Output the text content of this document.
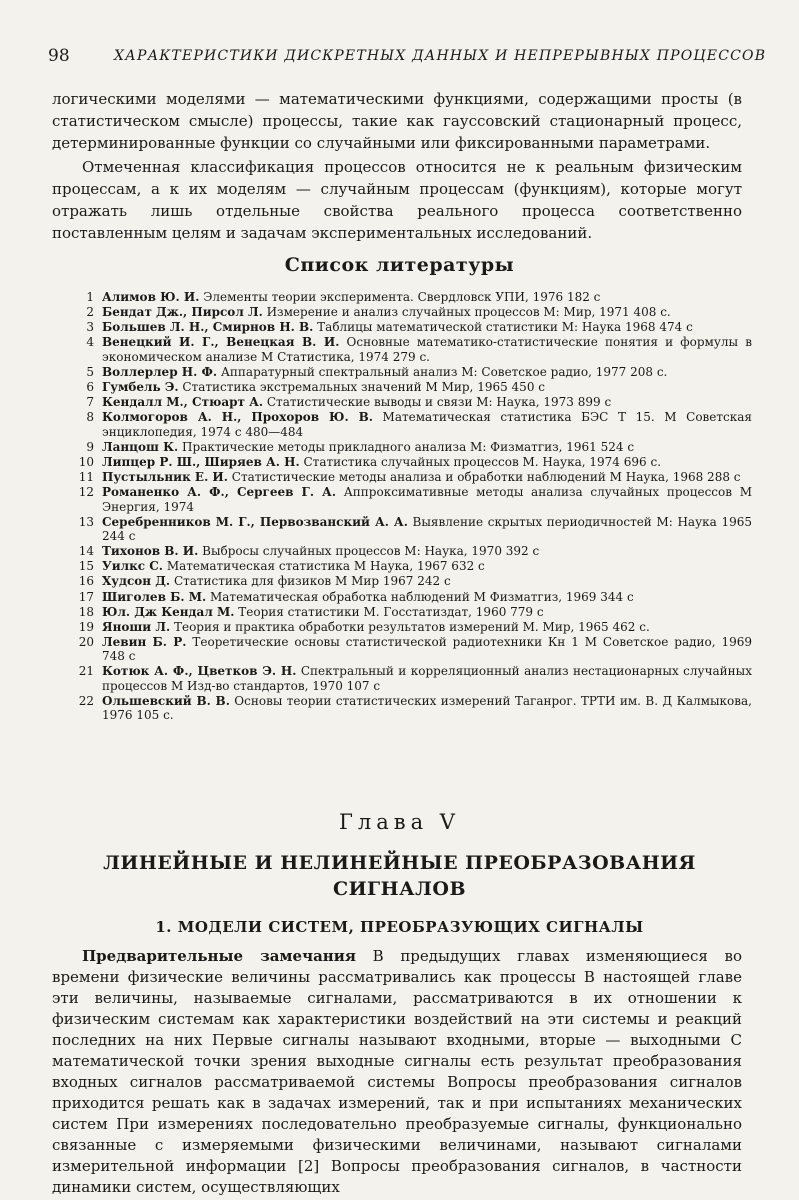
98	ХАРАКТЕРИСТИКИ ДИСКРЕТНЫХ ДАННЫХ И НЕПРЕРЫВНЫХ ПРОЦЕССОВ

логическими моделями — математическими функциями, содержащими просты (в статистическом смысле) процессы, такие как гауссовский стационарный процесс, детерминированные функции со случайными или фиксированными параметрами.

Отмеченная классификация процессов относится не к реальным физическим процессам, а к их моделям — случайным процессам (функциям), которые могут отражать лишь отдельные свойства реального процесса соответственно поставленным целям и задачам экспериментальных исследований.

Список литературы
1 Алимов Ю. И. Элементы теории эксперимента. Свердловск УПИ, 1976 182 с
2 Бендат Дж., Пирсол Л. Измерение и анализ случайных процессов М: Мир, 1971 408 с.
3 Большев Л. Н., Смирнов Н. В. Таблицы математической статистики М: Наука 1968 474 с
4 Венецкий И. Г., Венецкая В. И. Основные математико-статистические понятия и формулы в экономическом анализе М Статистика, 1974 279 с.
5 Воллерлер Н. Ф. Аппаратурный спектральный анализ М: Советское радио, 1977 208 с.
6 Гумбель Э. Статистика экстремальных значений М Мир, 1965 450 с
7 Кендалл М., Стюарт А. Статистические выводы и связи М: Наука, 1973 899 с
8 Колмогоров А. Н., Прохоров Ю. В. Математическая статистика БЭС Т 15. М Советская энциклопедия, 1974 с 480—484
9 Ланцош К. Практические методы прикладного анализа М: Физматгиз, 1961 524 с
10 Липцер Р. Ш., Ширяев А. Н. Статистика случайных процессов М. Наука, 1974 696 с.
11 Пустыльник Е. И. Статистические методы анализа и обработки наблюдений М Наука, 1968 288 с
12 Романенко А. Ф., Сергеев Г. А. Аппроксимативные методы анализа случайных процессов М Энергия, 1974
13 Серебренников М. Г., Первозванский А. А. Выявление скрытых периодичностей М: Наука 1965 244 с
14 Тихонов В. И. Выбросы случайных процессов М: Наука, 1970 392 с
15 Уилкс С. Математическая статистика М Наука, 1967 632 с
16 Худсон Д. Статистика для физиков М Мир 1967 242 с
17 Шиголев Б. М. Математическая обработка наблюдений М Физматгиз, 1969 344 с
18 Юл. Дж Кендал М. Теория статистики М. Госстатиздат, 1960 779 с
19 Яноши Л. Теория и практика обработки результатов измерений М. Мир, 1965 462 с.
20 Левин Б. Р. Теоретические основы статистической радиотехники Кн 1 М Советское радио, 1969 748 с
21 Котюк А. Ф., Цветков Э. Н. Спектральный и корреляционный анализ нестационарных случайных процессов М Изд-во стандартов, 1970 107 с
22 Ольшевский В. В. Основы теории статистических измерений Таганрог. ТРТИ им. В. Д Калмыкова, 1976 105 с.
Глава V
ЛИНЕЙНЫЕ И НЕЛИНЕЙНЫЕ ПРЕОБРАЗОВАНИЯ
СИГНАЛОВ
1. МОДЕЛИ СИСТЕМ, ПРЕОБРАЗУЮЩИХ СИГНАЛЫ

Предварительные замечания В предыдущих главах изменяющиеся во времени физические величины рассматривались как процессы В настоящей главе эти величины, называемые сигналами, рассматриваются в их отношении к физическим системам как характеристики воздействий на эти системы и реакций последних на них Первые сигналы называют входными, вторые — выходными С математической точки зрения выходные сигналы есть результат преобразования входных сигналов рассматриваемой системы Вопросы преобразования сигналов приходится решать как в задачах измерений, так и при испытаниях механических систем При измерениях последовательно преобразуемые сигналы, функционально связанные с измеряемыми физическими величинами, называют сигналами измерительной информации [2] Вопросы преобразования сигналов, в частности динамики систем, осуществляющих
